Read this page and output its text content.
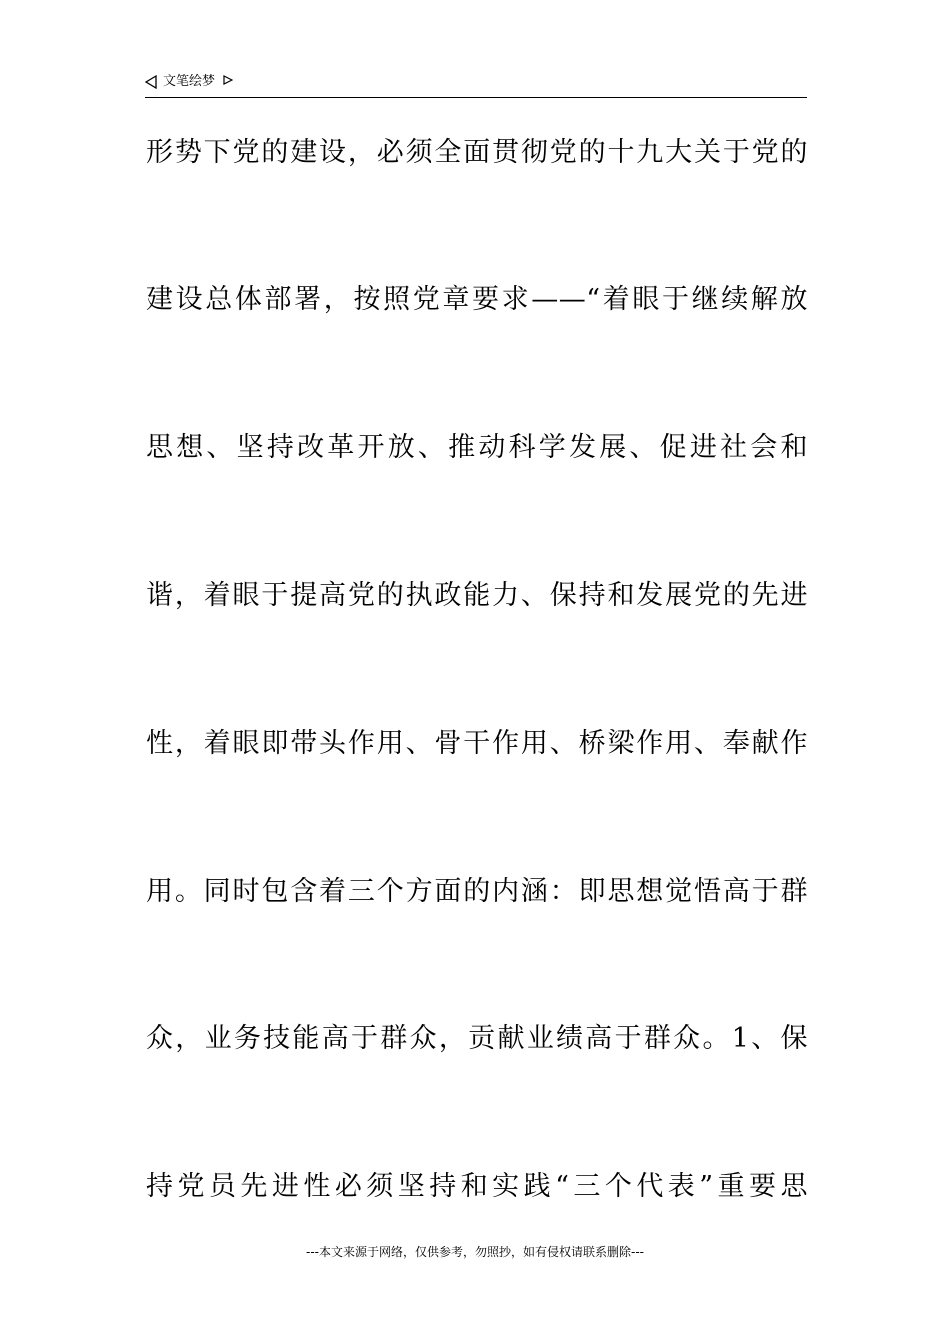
文笔绘梦
形势下党的建设，必须全面贯彻党的十九大关于党的
建设总体部署，按照党章要求——“着眼于继续解放
思想、坚持改革开放、推动科学发展、促进社会和
谐，着眼于提高党的执政能力、保持和发展党的先进
性，着眼即带头作用、骨干作用、桥梁作用、奉献作
用。同时包含着三个方面的内涵：即思想觉悟高于群
众，业务技能高于群众，贡献业绩高于群众。1、保
持党员先进性必须坚持和实践“三个代表”重要思
---本文来源于网络，仅供参考，勿照抄，如有侵权请联系删除---
